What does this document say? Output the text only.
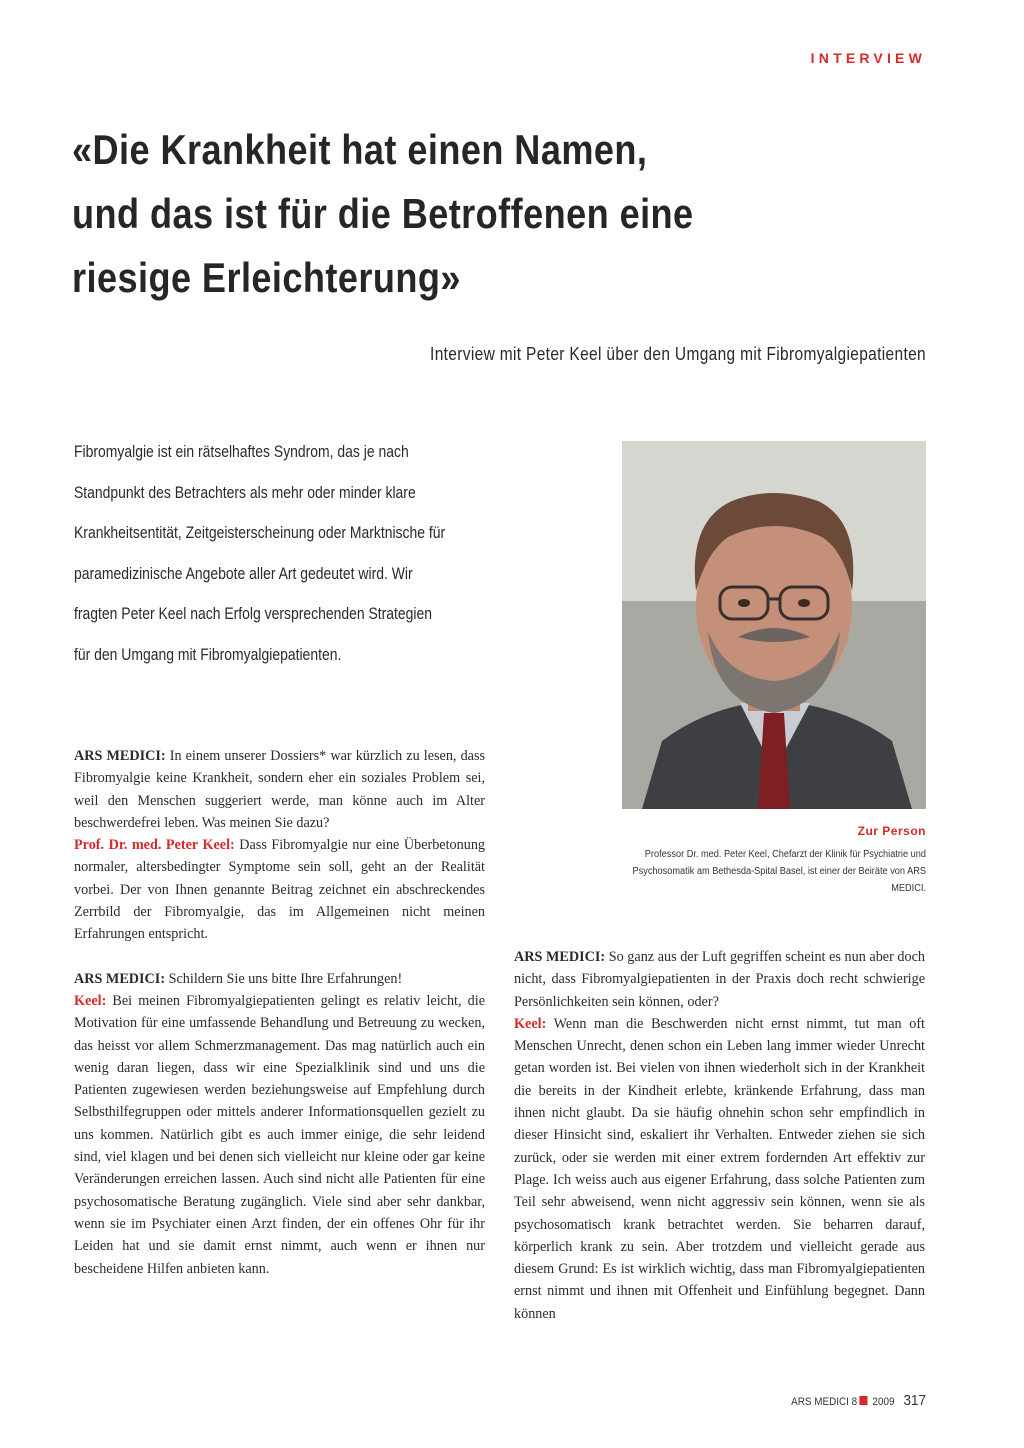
INTERVIEW
«Die Krankheit hat einen Namen,
und das ist für die Betroffenen eine
riesige Erleichterung»
Interview mit Peter Keel über den Umgang mit Fibromyalgiepatienten
Fibromyalgie ist ein rätselhaftes Syndrom, das je nach Standpunkt des Betrachters als mehr oder minder klare Krankheitsentität, Zeitgeisterscheinung oder Marktnische für paramedizinische Angebote aller Art gedeutet wird. Wir fragten Peter Keel nach Erfolg versprechenden Strategien für den Umgang mit Fibromyalgiepatienten.
Zur Person
Professor Dr. med. Peter Keel, Chefarzt der Klinik für Psychiatrie und Psychosomatik am Bethesda-Spital Basel, ist einer der Beiräte von ARS MEDICI.

ARS MEDICI: In einem unserer Dossiers* war kürzlich zu lesen, dass Fibromyalgie keine Krankheit, sondern eher ein soziales Problem sei, weil den Menschen suggeriert werde, man könne auch im Alter beschwerdefrei leben. Was meinen Sie dazu?

Prof. Dr. med. Peter Keel: Dass Fibromyalgie nur eine Überbetonung normaler, altersbedingter Symptome sein soll, geht an der Realität vorbei. Der von Ihnen genannte Beitrag zeichnet ein abschreckendes Zerrbild der Fibromyalgie, das im Allgemeinen nicht meinen Erfahrungen entspricht.

ARS MEDICI: Schildern Sie uns bitte Ihre Erfahrungen!

Keel: Bei meinen Fibromyalgiepatienten gelingt es relativ leicht, die Motivation für eine umfassende Behandlung und Betreuung zu wecken, das heisst vor allem Schmerzmanagement. Das mag natürlich auch ein wenig daran liegen, dass wir eine Spezialklinik sind und uns die Patienten zugewiesen werden beziehungsweise auf Empfehlung durch Selbsthilfegruppen oder mittels anderer Informationsquellen gezielt zu uns kommen. Natürlich gibt es auch immer einige, die sehr leidend sind, viel klagen und bei denen sich vielleicht nur kleine oder gar keine Veränderungen erreichen lassen. Auch sind nicht alle Patienten für eine psychosomatische Beratung zugänglich. Viele sind aber sehr dankbar, wenn sie im Psychiater einen Arzt finden, der ein offenes Ohr für ihr Leiden hat und sie damit ernst nimmt, auch wenn er ihnen nur bescheidene Hilfen anbieten kann.

ARS MEDICI: So ganz aus der Luft gegriffen scheint es nun aber doch nicht, dass Fibromyalgiepatienten in der Praxis doch recht schwierige Persönlichkeiten sein können, oder?

Keel: Wenn man die Beschwerden nicht ernst nimmt, tut man oft Menschen Unrecht, denen schon ein Leben lang immer wieder Unrecht getan worden ist. Bei vielen von ihnen wiederholt sich in der Krankheit die bereits in der Kindheit erlebte, kränkende Erfahrung, dass man ihnen nicht glaubt. Da sie häufig ohnehin schon sehr empfindlich in dieser Hinsicht sind, eskaliert ihr Verhalten. Entweder ziehen sie sich zurück, oder sie werden mit einer extrem fordernden Art effektiv zur Plage. Ich weiss auch aus eigener Erfahrung, dass solche Patienten zum Teil sehr abweisend, wenn nicht aggressiv sein können, wenn sie als psychosomatisch krank betrachtet werden. Sie beharren darauf, körperlich krank zu sein. Aber trotzdem und vielleicht gerade aus diesem Grund: Es ist wirklich wichtig, dass man Fibromyalgiepatienten ernst nimmt und ihnen mit Offenheit und Einfühlung begegnet. Dann können

ARS MEDICI 8 2009 317
